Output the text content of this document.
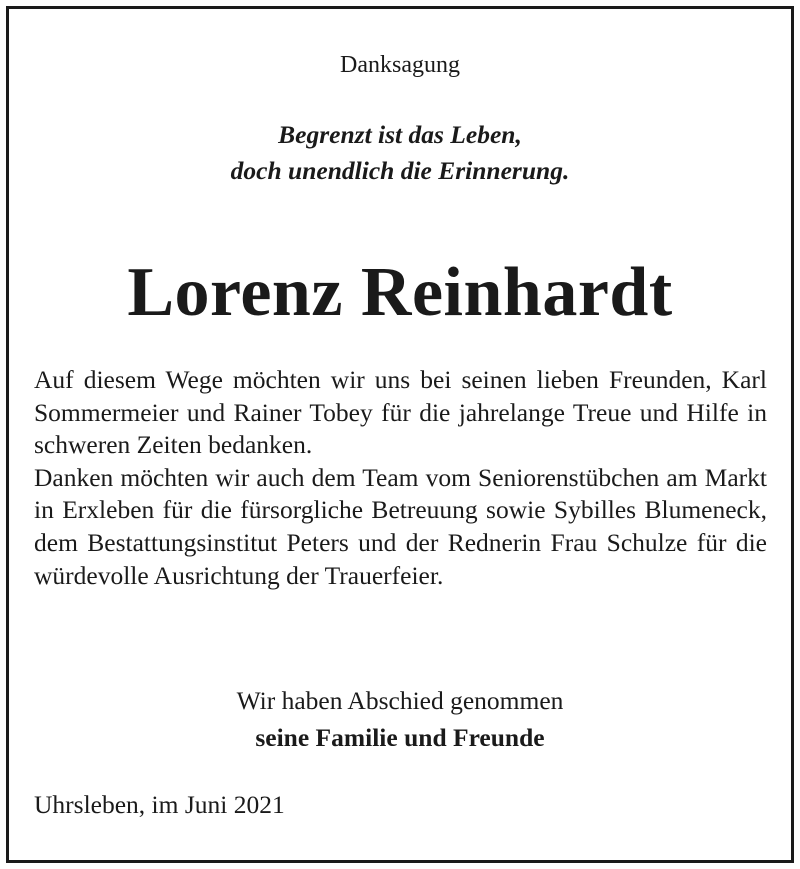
Danksagung
Begrenzt ist das Leben,
doch unendlich die Erinnerung.
Lorenz Reinhardt

Auf diesem Wege möchten wir uns bei seinen lieben Freunden, Karl Sommermeier und Rainer Tobey für die jahrelange Treue und Hilfe in schweren Zeiten bedanken.

Danken möchten wir auch dem Team vom Seniorenstübchen am Markt in Erxleben für die fürsorgliche Betreuung sowie Sybilles Blumeneck, dem Bestattungsinstitut Peters und der Rednerin Frau Schulze für die würdevolle Ausrichtung der Trauerfeier.

Wir haben Abschied genommen
seine Familie und Freunde
Uhrsleben, im Juni 2021
